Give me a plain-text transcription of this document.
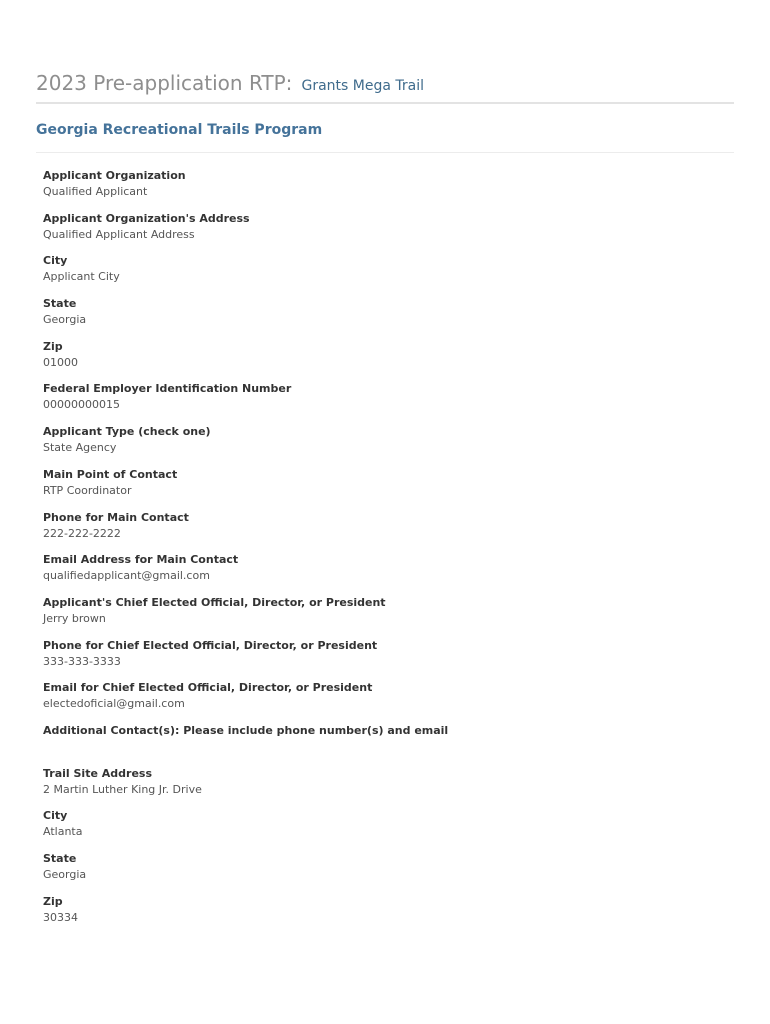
2023 Pre-application RTP: Grants Mega Trail
Georgia Recreational Trails Program
Applicant Organization
Qualified Applicant
Applicant Organization's Address
Qualified Applicant Address
City
Applicant City
State
Georgia
Zip
01000
Federal Employer Identification Number
00000000015
Applicant Type (check one)
State Agency
Main Point of Contact
RTP Coordinator
Phone for Main Contact
222-222-2222
Email Address for Main Contact
qualifiedapplicant@gmail.com
Applicant's Chief Elected Official, Director, or President
Jerry brown
Phone for Chief Elected Official, Director, or President
333-333-3333
Email for Chief Elected Official, Director, or President
electedoficial@gmail.com
Additional Contact(s): Please include phone number(s) and email
Trail Site Address
2 Martin Luther King Jr. Drive
City
Atlanta
State
Georgia
Zip
30334
